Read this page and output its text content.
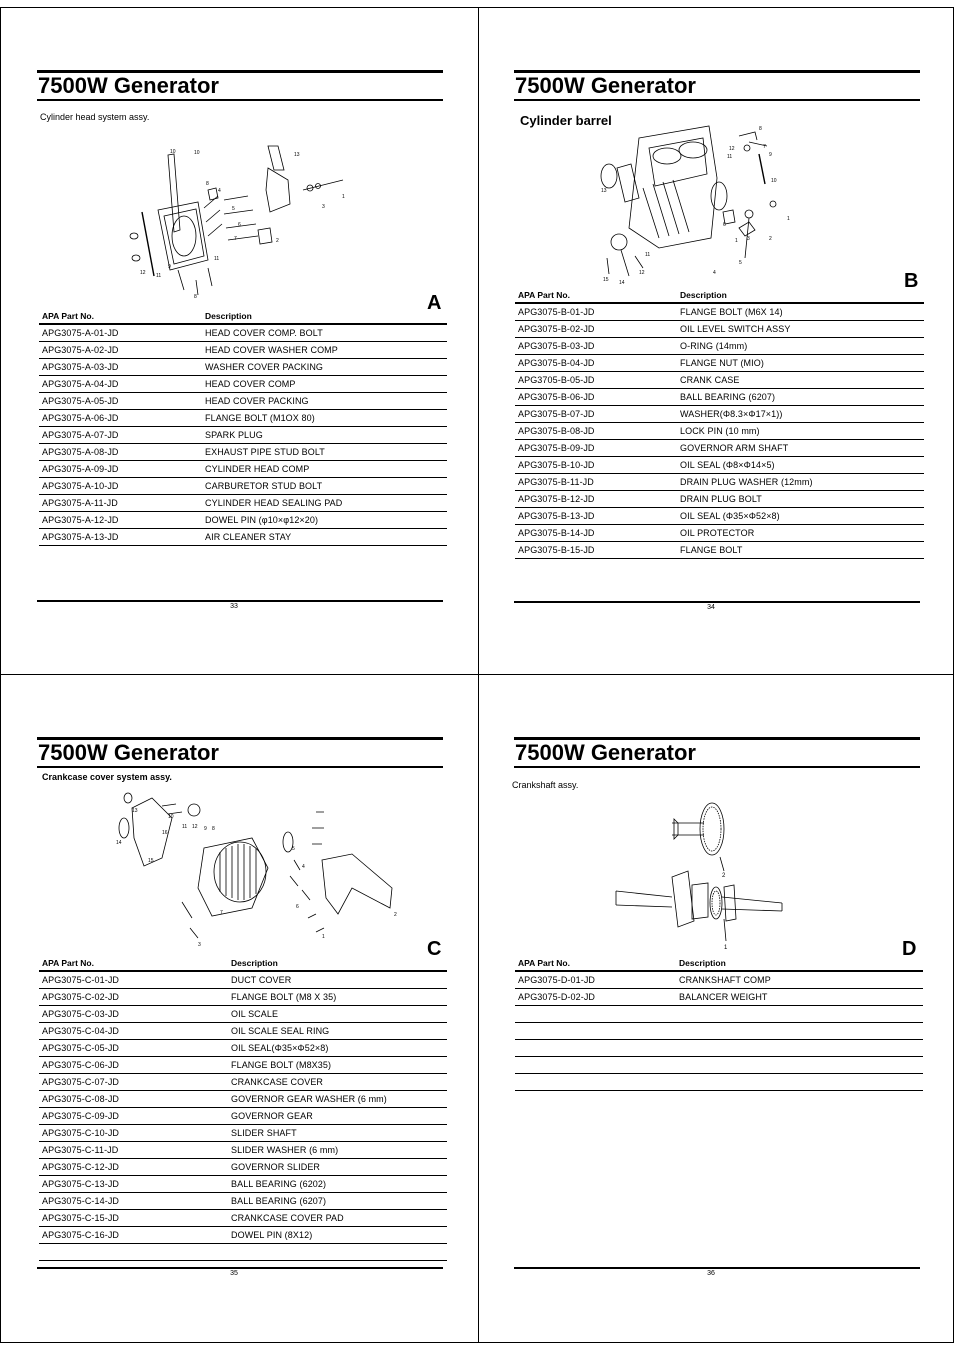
7500W Generator
Cylinder head system assy.
10	10	13
4
5
6
7
8
3
1
2
9
12 11
11
8	A
APA Part No.	Description
APG3075-A-01-JD	HEAD COVER COMP. BOLT
APG3075-A-02-JD	HEAD COVER WASHER COMP
APG3075-A-03-JD	WASHER COVER PACKING
APG3075-A-04-JD	HEAD COVER COMP
APG3075-A-05-JD	HEAD COVER PACKING
APG3075-A-06-JD	FLANGE BOLT (M1OX 80)
APG3075-A-07-JD	SPARK PLUG
APG3075-A-08-JD	EXHAUST PIPE STUD BOLT
APG3075-A-09-JD	CYLINDER HEAD COMP
APG3075-A-10-JD	CARBURETOR STUD BOLT
APG3075-A-11-JD	CYLINDER HEAD SEALING PAD
APG3075-A-12-JD	DOWEL PIN (φ10×φ12×20)
APG3075-A-13-JD	AIR CLEANER STAY
33
7500W Generator
Cylinder barrel
8
7
9
12
11
10
13
6
1
2
3
1
5
4
11
12
15 14	B
APA Part No.	Description
APG3075-B-01-JD	FLANGE BOLT (M6X 14)
APG3075-B-02-JD	OIL LEVEL SWITCH ASSY
APG3075-B-03-JD	O-RING (14mm)
APG3075-B-04-JD	FLANGE NUT (MIO)
APG3705-B-05-JD	CRANK CASE
APG3075-B-06-JD	BALL BEARING (6207)
APG3075-B-07-JD	WASHER(Φ8.3×Φ17×1))
APG3075-B-08-JD	LOCK PIN (10 mm)
APG3075-B-09-JD	GOVERNOR ARM SHAFT
APG3075-B-10-JD	OIL SEAL (Φ8×Φ14×5)
APG3075-B-11-JD	DRAIN PLUG WASHER (12mm)
APG3075-B-12-JD	DRAIN PLUG BOLT
APG3075-B-13-JD	OIL SEAL (Φ35×Φ52×8)
APG3075-B-14-JD	OIL PROTECTOR
APG3075-B-15-JD	FLANGE BOLT
34
7500W Generator
Crankcase cover system assy.
13
10
11 12 9 8
14
16
15
7
5
3
4
6
1
2
C
APA Part No.	Description
APG3075-C-01-JD	DUCT COVER
APG3075-C-02-JD	FLANGE BOLT (M8 X 35)
APG3075-C-03-JD	OIL SCALE
APG3075-C-04-JD	OIL SCALE SEAL RING
APG3075-C-05-JD	OIL SEAL(Φ35×Φ52×8)
APG3075-C-06-JD	FLANGE BOLT (M8X35)
APG3075-C-07-JD	CRANKCASE COVER
APG3075-C-08-JD	GOVERNOR GEAR WASHER (6 mm)
APG3075-C-09-JD	GOVERNOR GEAR
APG3075-C-10-JD	SLIDER SHAFT
APG3075-C-11-JD	SLIDER WASHER (6 mm)
APG3075-C-12-JD	GOVERNOR SLIDER
APG3075-C-13-JD	BALL BEARING (6202)
APG3075-C-14-JD	BALL BEARING (6207)
APG3075-C-15-JD	CRANKCASE COVER PAD
APG3075-C-16-JD	DOWEL PIN (8X12)

35
7500W Generator
Crankshaft assy.
2
1	D
APA Part No.	Description
APG3075-D-01-JD	CRANKSHAFT COMP
APG3075-D-02-JD	BALANCER WEIGHT

36
